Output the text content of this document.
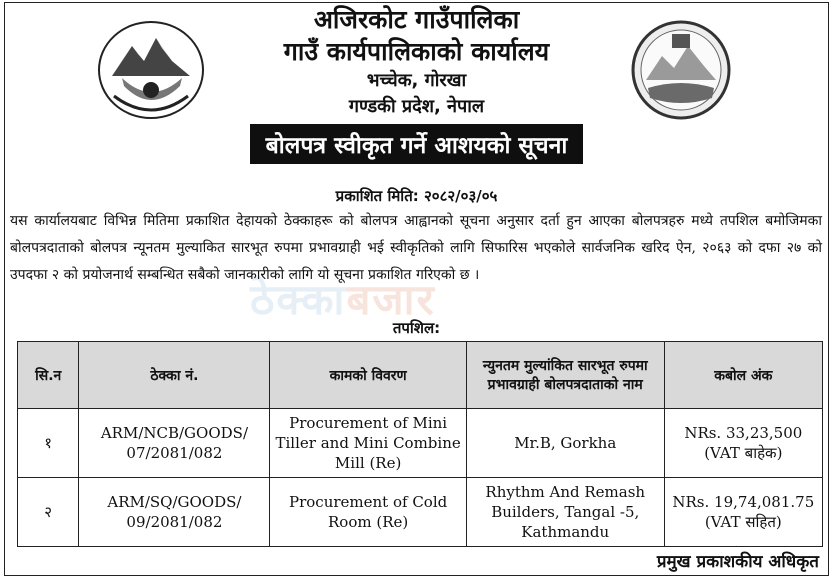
अजिरकोट गाउँपालिका
गाउँ कार्यपालिकाको कार्यालय
भच्चेक, गोरखा
गण्डकी प्रदेश, नेपाल
बोलपत्र स्वीकृत गर्ने आशयको सूचना
प्रकाशित मिति: २०८२/०३/०५
ठेक्काबजार
यस कार्यालयबाट विभिन्न मितिमा प्रकाशित देहायको ठेक्काहरू को बोलपत्र आह्वानको सूचना अनुसार दर्ता हुन आएका बोलपत्रहरु मध्ये तपशिल बमोजिमका बोलपत्रदाताको बोलपत्र न्यूनतम मुल्याकित सारभूत रुपमा प्रभावग्राही भई स्वीकृतिको लागि सिफारिस भएकोले सार्वजनिक खरिद ऐन, २०६३ को दफा २७ को उपदफा २ को प्रयोजनार्थ सम्बन्धित सबैको जानकारीको लागि यो सूचना प्रकाशित गरिएको छ ।
तपशिल:
सि.न	ठेक्का नं.	कामको विवरण	न्युनतम मुल्यांकित सारभूत रुपमा प्रभावग्राही बोलपत्रदाताको नाम	कबोल अंक
१	ARM/NCB/GOODS/ 07/2081/082	Procurement of Mini Tiller and Mini Combine Mill (Re)	Mr.B, Gorkha	NRs. 33,23,500
(VAT बाहेक)

२	ARM/SQ/GOODS/ 09/2081/082	Procurement of Cold Room (Re)	Rhythm And Remash Builders, Tangal -5, Kathmandu	NRs. 19,74,081.75
(VAT सहित)
प्रमुख प्रकाशकीय अधिकृत
